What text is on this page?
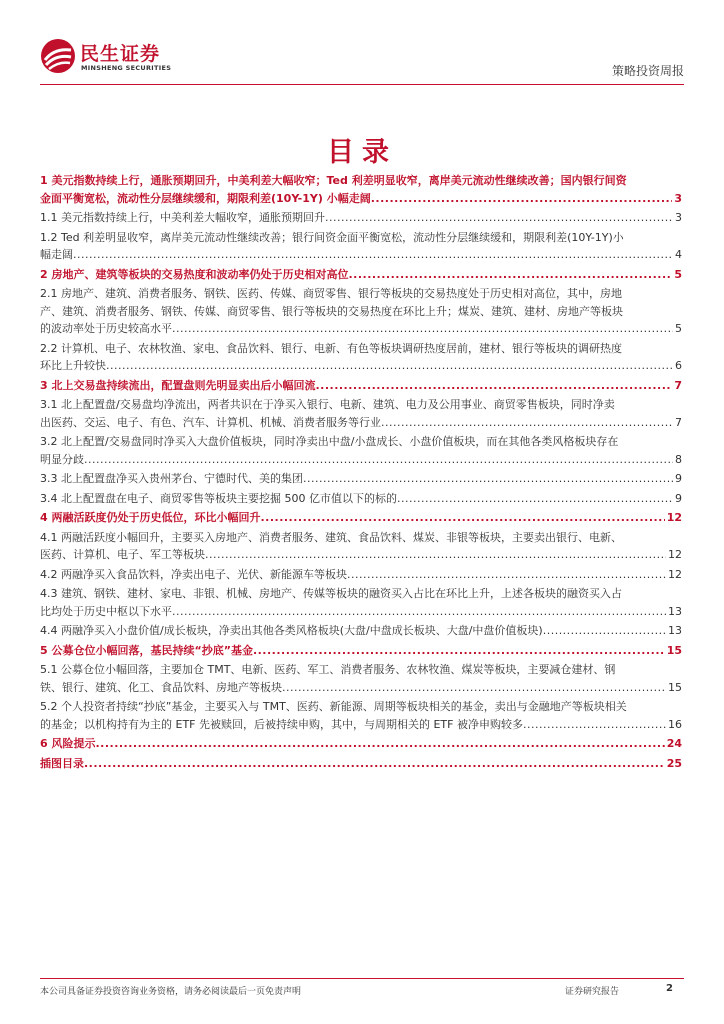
民生证券
MINSHENG SECURITIES	策略投资周报
目录
1 美元指数持续上行，通胀预期回升，中美利差大幅收窄；Ted 利差明显收窄，离岸美元流动性继续改善；国内银行间资
金面平衡宽松，流动性分层继续缓和，期限利差(10Y-1Y) 小幅走阔 .....	3
1.1 美元指数持续上行，中美利差大幅收窄，通胀预期回升 .....	3
1.2 Ted 利差明显收窄，离岸美元流动性继续改善；银行间资金面平衡宽松，流动性分层继续缓和，期限利差(10Y-1Y)小
幅走阔 .....	4
2 房地产、建筑等板块的交易热度和波动率仍处于历史相对高位 .....	5
2.1 房地产、建筑、消费者服务、钢铁、医药、传媒、商贸零售、银行等板块的交易热度处于历史相对高位，其中，房地
产、建筑、消费者服务、钢铁、传媒、商贸零售、银行等板块的交易热度在环比上升；煤炭、建筑、建材、房地产等板块
的波动率处于历史较高水平 .....	5
2.2 计算机、电子、农林牧渔、家电、食品饮料、银行、电新、有色等板块调研热度居前，建材、银行等板块的调研热度
环比上升较快 .....	6
3 北上交易盘持续流出，配置盘则先明显卖出后小幅回流 .....	7
3.1 北上配置盘/交易盘均净流出，两者共识在于净买入银行、电新、建筑、电力及公用事业、商贸零售板块，同时净卖
出医药、交运、电子、有色、汽车、计算机、机械、消费者服务等行业 .....	7
3.2 北上配置/交易盘同时净买入大盘价值板块，同时净卖出中盘/小盘成长、小盘价值板块，而在其他各类风格板块存在
明显分歧 .....	8
3.3 北上配置盘净买入贵州茅台、宁德时代、美的集团 .....	9
3.4 北上配置盘在电子、商贸零售等板块主要挖掘 500 亿市值以下的标的 .....	9
4 两融活跃度仍处于历史低位，环比小幅回升 .....	12
4.1 两融活跃度小幅回升，主要买入房地产、消费者服务、建筑、食品饮料、煤炭、非银等板块，主要卖出银行、电新、
医药、计算机、电子、军工等板块 .....	12
4.2 两融净买入食品饮料，净卖出电子、光伏、新能源车等板块 .....	12
4.3 建筑、钢铁、建材、家电、非银、机械、房地产、传媒等板块的融资买入占比在环比上升，上述各板块的融资买入占
比均处于历史中枢以下水平 .....	13
4.4 两融净买入小盘价值/成长板块，净卖出其他各类风格板块(大盘/中盘成长板块、大盘/中盘价值板块) .....	13
5 公募仓位小幅回落，基民持续“抄底”基金 .....	15
5.1 公募仓位小幅回落，主要加仓 TMT、电新、医药、军工、消费者服务、农林牧渔、煤炭等板块，主要减仓建材、钢
铁、银行、建筑、化工、食品饮料、房地产等板块 .....	15
5.2 个人投资者持续“抄底”基金，主要买入与 TMT、医药、新能源、周期等板块相关的基金，卖出与金融地产等板块相关
的基金；以机构持有为主的 ETF 先被赎回，后被持续申购，其中，与周期相关的 ETF 被净申购较多 .....	16
6 风险提示 .....	24
插图目录 .....	25
本公司具备证券投资咨询业务资格，请务必阅读最后一页免责声明	证券研究报告	2
